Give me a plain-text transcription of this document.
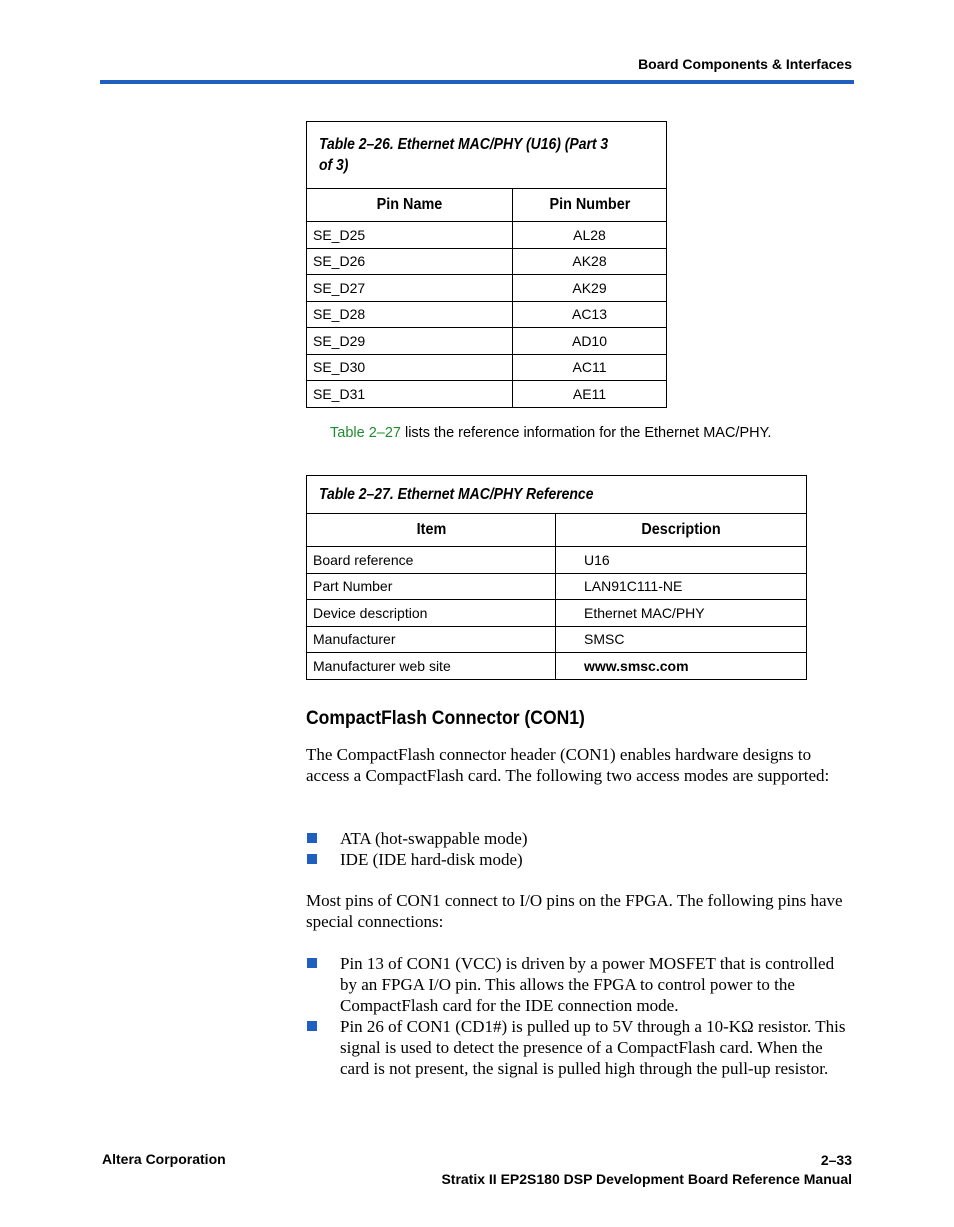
Board Components & Interfaces
Table 2–26. Ethernet MAC/PHY (U16) (Part 3 of 3)	

Pin Name	Pin Number
SE_D25	AL28
SE_D26	AK28
SE_D27	AK29
SE_D28	AC13
SE_D29	AD10
SE_D30	AC11
SE_D31	AE11
Table 2–27 lists the reference information for the Ethernet MAC/PHY.
Table 2–27. Ethernet MAC/PHY Reference	

Item	Description
Board reference	U16
Part Number	LAN91C111-NE
Device description	Ethernet MAC/PHY
Manufacturer	SMSC
Manufacturer web site	www.smsc.com
CompactFlash Connector (CON1)

The CompactFlash connector header (CON1) enables hardware designs to access a CompactFlash card. The following two access modes are supported:

ATA (hot-swappable mode)
IDE (IDE hard-disk mode)

Most pins of CON1 connect to I/O pins on the FPGA. The following pins have special connections:

Pin 13 of CON1 (VCC) is driven by a power MOSFET that is controlled by an FPGA I/O pin. This allows the FPGA to control power to the CompactFlash card for the IDE connection mode.
Pin 26 of CON1 (CD1#) is pulled up to 5V through a 10-KΩ resistor. This signal is used to detect the presence of a CompactFlash card. When the card is not present, the signal is pulled high through the pull-up resistor.
Altera Corporation	2–33
Stratix II EP2S180 DSP Development Board Reference Manual
